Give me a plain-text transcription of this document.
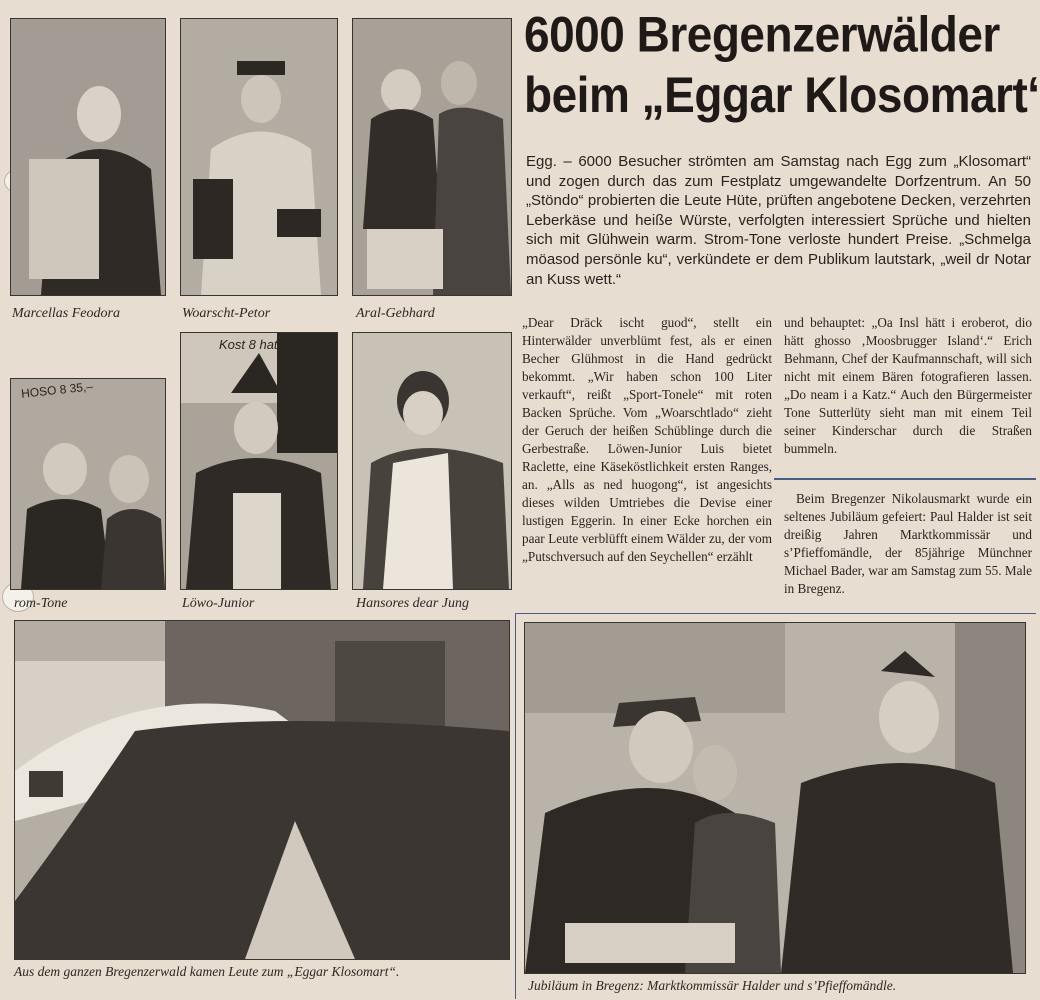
Marcellas Feodora	Woarscht-Petor	Aral-Gebhard
HOSO 8 35,–
rom-Tone
Kost 8 hat
Löwo-Junior	Hansores dear Jung
6000 Bregenzerwälder
beim „Eggar Klosomart‘
Egg. – 6000 Besucher strömten am Samstag nach Egg zum „Klosomart“ und zogen durch das zum Festplatz umgewandelte Dorfzentrum. An 50 „Stöndo“ probierten die Leute Hüte, prüften angebotene Decken, verzehrten Leberkäse und heiße Würste, verfolgten interessiert Sprüche und hielten sich mit Glühwein warm. Strom-Tone verloste hundert Preise. „Schmelga möasod persönle ku“, verkündete er dem Publikum lautstark, „weil dr Notar an Kuss wett.“
„Dear Dräck ischt guod“, stellt ein Hinterwälder unverblümt fest, als er einen Becher Glühmost in die Hand gedrückt bekommt. „Wir haben schon 100 Liter verkauft“, reißt „Sport-Tonele“ mit roten Backen Sprüche. Vom „Woarschtlado“ zieht der Geruch der heißen Schüblinge durch die Gerbestraße. Löwen-Junior Luis bietet Raclette, eine Käseköstlichkeit ersten Ranges, an. „Alls as ned huogong“, ist angesichts dieses wilden Umtriebes die Devise einer lustigen Eggerin. In einer Ecke horchen ein paar Leute verblüfft einem Wälder zu, der vom „Putschversuch auf den Seychellen“ erzählt
und behauptet: „Oa Insl hätt i eroberot, dio hätt ghosso ‚Moosbrugger Island‘.“ Erich Behmann, Chef der Kaufmannschaft, will sich nicht mit einem Bären fotografieren lassen. „Do neam i a Katz.“ Auch den Bürgermeister Tone Sutterlüty sieht man mit einem Teil seiner Kinderschar durch die Straßen bummeln.
Beim Bregenzer Nikolausmarkt wurde ein seltenes Jubiläum gefeiert: Paul Halder ist seit dreißig Jahren Marktkommissär und s’Pfieffomändle, der 85jährige Münchner Michael Bader, war am Samstag zum 55. Male in Bregenz.
Aus dem ganzen Bregenzerwald kamen Leute zum „Eggar Klosomart“.
Jubiläum in Bregenz: Marktkommissär Halder und s’Pfieffomändle.
